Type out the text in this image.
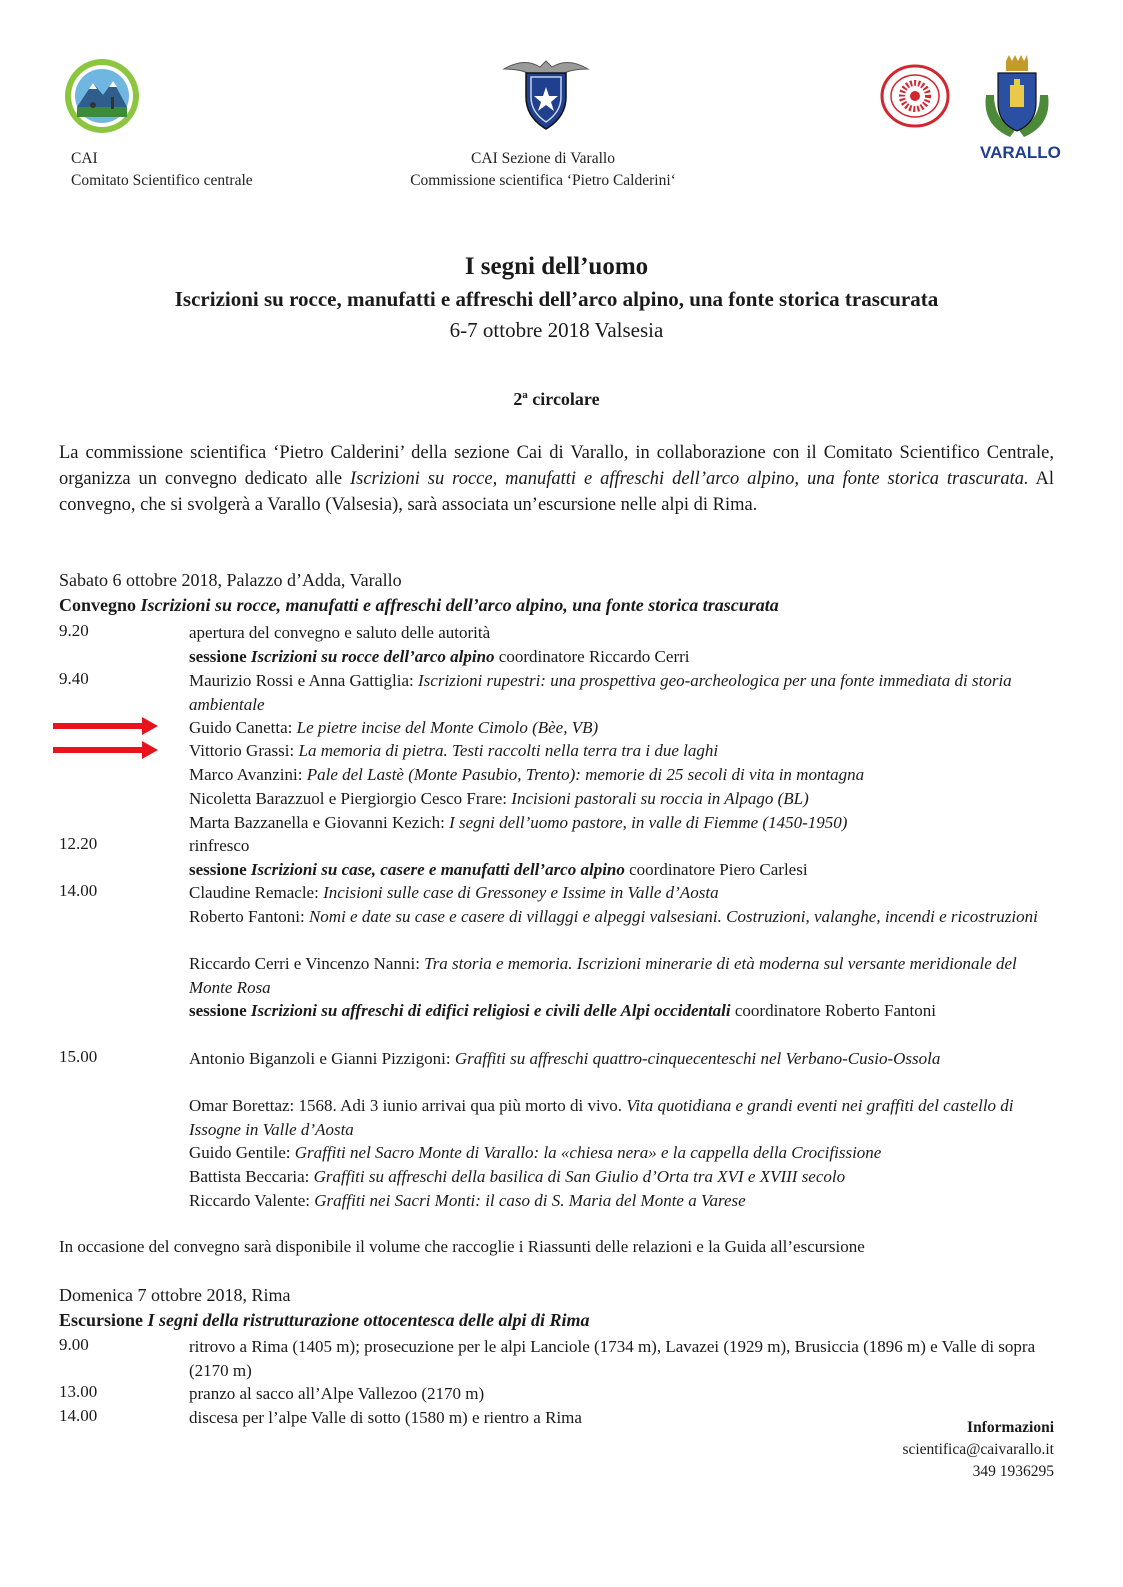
VARALLO
CAI
Comitato Scientifico centrale
CAI Sezione di Varallo
Commissione scientifica ‘Pietro Calderini‘
I segni dell’uomo
Iscrizioni su rocce, manufatti e affreschi dell’arco alpino, una fonte storica trascurata
6-7 ottobre 2018 Valsesia
2ª circolare
La commissione scientifica ‘Pietro Calderini’ della sezione Cai di Varallo, in collaborazione con il Comitato Scientifico Centrale, organizza un convegno dedicato alle Iscrizioni su rocce, manufatti e affreschi dell’arco alpino, una fonte storica trascurata. Al convegno, che si svolgerà a Varallo (Valsesia), sarà associata un’escursione nelle alpi di Rima.
Sabato 6 ottobre 2018, Palazzo d’Adda, Varallo
Convegno Iscrizioni su rocce, manufatti e affreschi dell’arco alpino, una fonte storica trascurata
9.20	apertura del convegno e saluto delle autorità
sessione Iscrizioni su rocce dell’arco alpino coordinatore Riccardo Cerri
9.40	Maurizio Rossi e Anna Gattiglia: Iscrizioni rupestri: una prospettiva geo-archeologica per una fonte immediata di storia ambientale
Guido Canetta: Le pietre incise del Monte Cimolo (Bèe, VB)
Vittorio Grassi: La memoria di pietra. Testi raccolti nella terra tra i due laghi
Marco Avanzini: Pale del Lastè (Monte Pasubio, Trento): memorie di 25 secoli di vita in montagna
Nicoletta Barazzuol e Piergiorgio Cesco Frare: Incisioni pastorali su roccia in Alpago (BL)
Marta Bazzanella e Giovanni Kezich: I segni dell’uomo pastore, in valle di Fiemme (1450-1950)
12.20	rinfresco
sessione Iscrizioni su case, casere e manufatti dell’arco alpino coordinatore Piero Carlesi
14.00	Claudine Remacle: Incisioni sulle case di Gressoney e Issime in Valle d’Aosta
Roberto Fantoni: Nomi e date su case e casere di villaggi e alpeggi valsesiani. Costruzioni, valanghe, incendi e ricostruzioni
Riccardo Cerri e Vincenzo Nanni: Tra storia e memoria. Iscrizioni minerarie di età moderna sul versante meridionale del Monte Rosa
sessione Iscrizioni su affreschi di edifici religiosi e civili delle Alpi occidentali coordinatore Roberto Fantoni
15.00	Antonio Biganzoli e Gianni Pizzigoni: Graffiti su affreschi quattro-cinquecenteschi nel Verbano-Cusio-Ossola
Omar Borettaz: 1568. Adi 3 iunio arrivai qua più morto di vivo. Vita quotidiana e grandi eventi nei graffiti del castello di Issogne in Valle d’Aosta
Guido Gentile: Graffiti nel Sacro Monte di Varallo: la «chiesa nera» e la cappella della Crocifissione
Battista Beccaria: Graffiti su affreschi della basilica di San Giulio d’Orta tra XVI e XVIII secolo
Riccardo Valente: Graffiti nei Sacri Monti: il caso di S. Maria del Monte a Varese
In occasione del convegno sarà disponibile il volume che raccoglie i Riassunti delle relazioni e la Guida all’escursione
Domenica 7 ottobre 2018, Rima
Escursione I segni della ristrutturazione ottocentesca delle alpi di Rima
9.00	ritrovo a Rima (1405 m); prosecuzione per le alpi Lanciole (1734 m), Lavazei (1929 m), Brusiccia (1896 m) e Valle di sopra (2170 m)
13.00	pranzo al sacco all’Alpe Vallezoo (2170 m)
14.00	discesa per l’alpe Valle di sotto (1580 m) e rientro a Rima
Informazioni
scientifica@caivarallo.it
349 1936295
